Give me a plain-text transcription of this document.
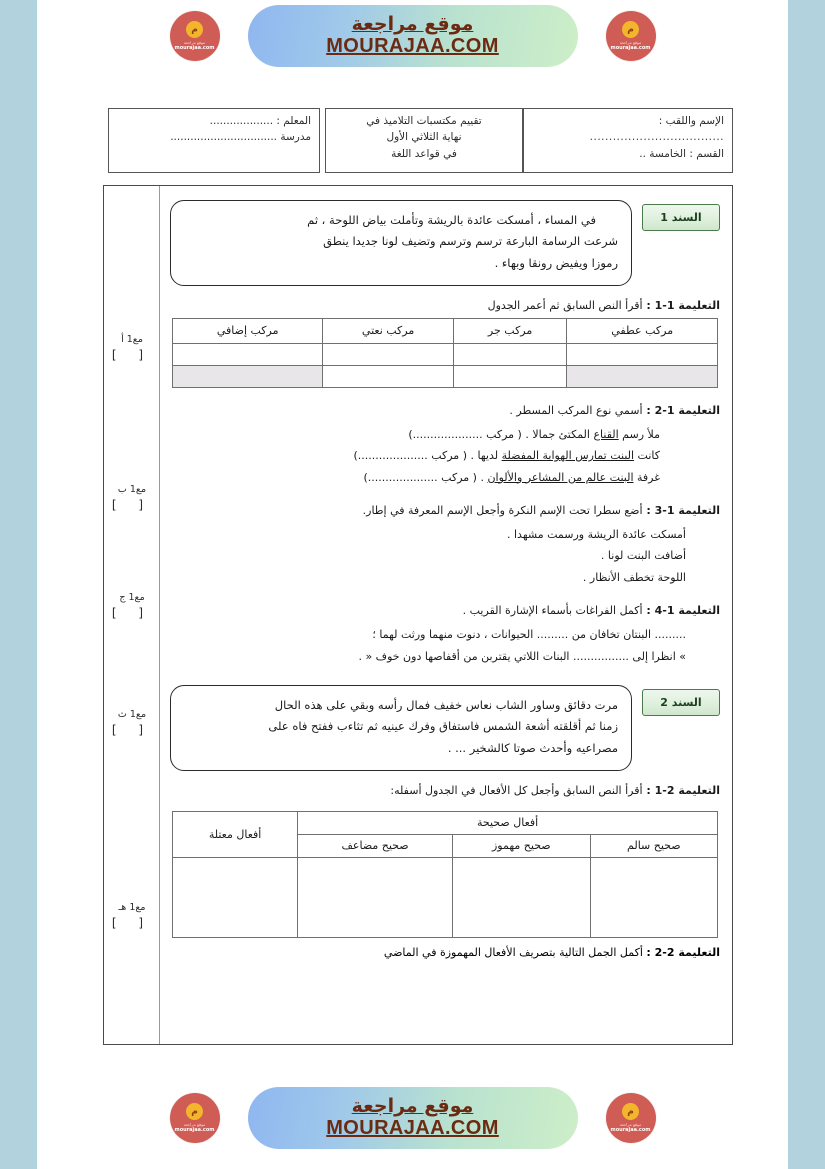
م
موقع مراجعة
mourajaa.com
موقع مراجعة
MOURAJAA.COM
م
موقع مراجعة
mourajaa.com
الإسم واللقب :
...................................
القسم : الخامسة ..
تقييم مكتسبات التلاميذ في
نهاية الثلاثي الأول
في قواعد اللغة
المعلم : ...................
مدرسة ................................
مع1 أ
[ ]
مع1 ب
[ ]
مع1 ج
[ ]
مع1 ث
[ ]
مع1 هـ
[ ]
السند 1

في المساء ، أمسكت عائدة بالريشة وتأملت بياض اللوحة ، ثم

شرعت الرسامة البارعة ترسم وترسم وتضيف لونا جديدا ينطق

رموزا ويفيض رونقا وبهاء .

التعليمة 1-1 : أقرأ النص السابق ثم أعمر الجدول
مركب عطفي	مركب جر	مركب نعتي	مركب إضافي

التعليمة 1-2 : أسمي نوع المركب المسطر .
ملأ رسم القناع المكتئ جمالا . ( مركب ....................)
كانت البنت تمارس الهواية المفضلة لديها . ( مركب ....................)
غرفة البنت عالم من المشاعر والألوان . ( مركب ....................)
التعليمة 1-3 : أضع سطرا تحت الإسم النكرة وأجعل الإسم المعرفة في إطار.
أمسكت عائدة الريشة ورسمت مشهدا .
أضافت البنت لونا .
اللوحة تخطف الأنظار .
التعليمة 1-4 : أكمل الفراغات بأسماء الإشارة القريب .
......... البنتان تخافان من ......... الحيوانات ، دنوت منهما ورثت لهما ؛
» انظرا إلى ................ البنات اللاتي يقتربن من أقفاصها دون خوف « .
السند 2

مرت دقائق وساور الشاب نعاس خفيف فمال رأسه وبقي على هذه الحال

زمنا ثم أقلقته أشعة الشمس فاستفاق وفرك عينيه ثم تثاءب ففتح فاه على

مصراعيه وأحدث صوتا كالشخير ... .

التعليمة 2-1 : أقرأ النص السابق وأجعل كل الأفعال في الجدول أسفله:
أفعال صحيحة			أفعال معتلة
صحيح سالم	صحيح مهموز	صحيح مضاعف	

التعليمة 2-2 : أكمل الجمل التالية بتصريف الأفعال المهموزة في الماضي
م
موقع مراجعة
mourajaa.com
موقع مراجعة
MOURAJAA.COM
م
موقع مراجعة
mourajaa.com
